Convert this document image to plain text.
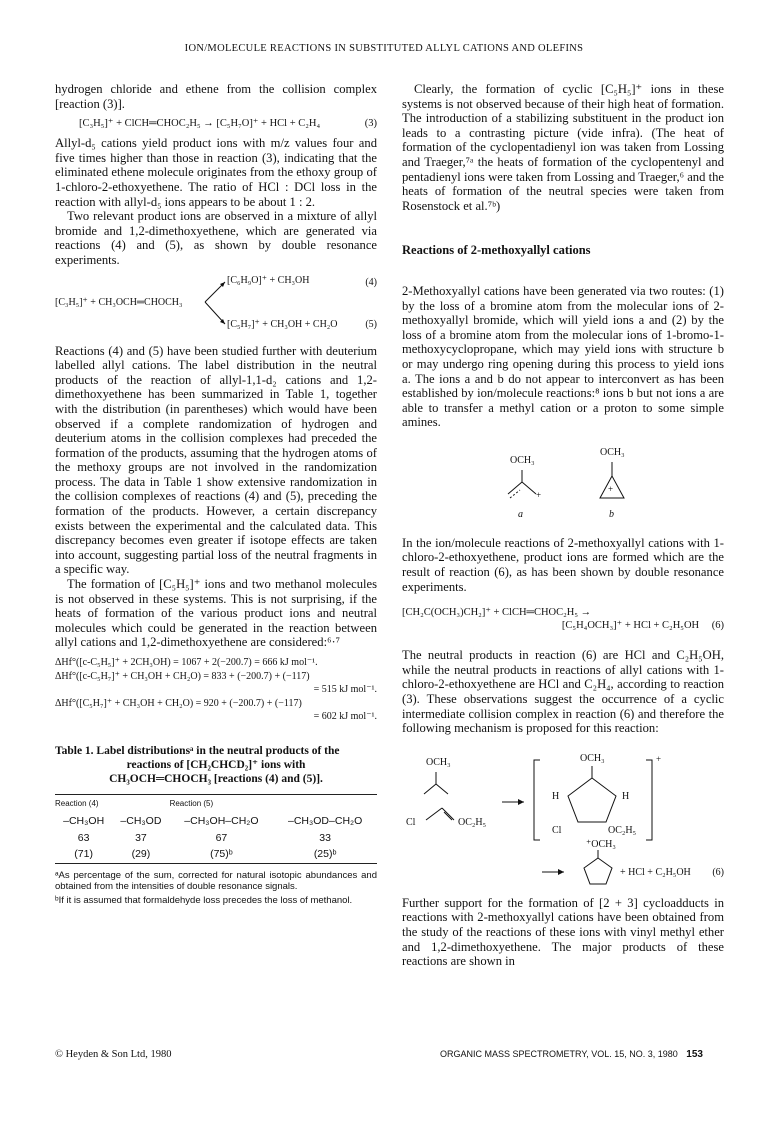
ION/MOLECULE REACTIONS IN SUBSTITUTED ALLYL CATIONS AND OLEFINS

hydrogen chloride and ethene from the collision complex [reaction (3)].

[C₃H₅]⁺ + ClCH═CHOC₂H₅ → [C₅H₇O]⁺ + HCl + C₂H₄	(3)

Allyl-d₅ cations yield product ions with m/z values four and five times higher than those in reaction (3), indicating that the eliminated ethene molecule originates from the ethoxy group of 1-chloro-2-ethoxyethene. The ratio of HCl : DCl loss in the reaction with allyl-d₅ ions appears to be about 1 : 2.

Two relevant product ions are observed in a mixture of allyl bromide and 1,2-dimethoxyethene, which are generated via reactions (4) and (5), as shown by double resonance experiments.

[C₃H₅]⁺ + CH₃OCH═CHOCH₃
[C₆H₉O]⁺ + CH₃OH	(4)
[C₅H₇]⁺ + CH₃OH + CH₂O	(5)

Reactions (4) and (5) have been studied further with deuterium labelled allyl cations. The label distribution in the neutral products of the reaction of allyl-1,1-d₂ cations and 1,2-dimethoxyethene has been summarized in Table 1, together with the distribution (in parentheses) which would have been observed if a complete randomization of hydrogen and deuterium atoms in the collision complexes had preceded the formation of the products, assuming that the hydrogen atoms of the methoxy groups are not involved in the randomization process. The data in Table 1 show extensive randomization in the collision complexes of reactions (4) and (5), preceding the formation of the products. However, a certain discrepancy exists between the experimental and the calculated data. This discrepancy becomes even greater if isotope effects are taken into account, suggesting partial loss of the neutral fragments in a specific way.

The formation of [C₅H₅]⁺ ions and two methanol molecules is not observed in these systems. This is not surprising, if the heats of formation of the various product ions and neutral molecules which could be generated in the reaction between allyl cations and 1,2-dimethoxyethene are considered:⁶·⁷

ΔHf°([c-C₅H₅]⁺ + 2CH₃OH) = 1067 + 2(−200.7) = 666 kJ mol⁻¹.
ΔHf°([c-C₅H₇]⁺ + CH₃OH + CH₂O) = 833 + (−200.7) + (−117)
= 515 kJ mol⁻¹.
ΔHf°([C₅H₇]⁺ + CH₃OH + CH₂O) = 920 + (−200.7) + (−117)
= 602 kJ mol⁻¹.
Table 1. Label distributionsᵃ in the neutral products of the
reactions of [CH₂CHCD₂]⁺ ions with
CH₃OCH═CHOCH₃ [reactions (4) and (5)].
Reaction (4)		Reaction (5)	
–CH₃OH	–CH₃OD	–CH₃OH–CH₂O	–CH₃OD–CH₂O
63	37	67	33
(71)	(29)	(75)ᵇ	(25)ᵇ
ᵃAs percentage of the sum, corrected for natural isotopic abundances and obtained from the intensities of double resonance signals.
ᵇIf it is assumed that formaldehyde loss precedes the loss of methanol.

Clearly, the formation of cyclic [C₅H₅]⁺ ions in these systems is not observed because of their high heat of formation. The introduction of a stabilizing substituent in the product ion leads to a contrasting picture (vide infra). (The heat of formation of the cyclopentadienyl ion was taken from Lossing and Traeger,⁷ᵃ the heats of formation of the cyclopentenyl and pentadienyl ions were taken from Lossing and Traeger,⁶ and the heats of formation of the neutral species were taken from Rosenstock et al.⁷ᵇ)

Reactions of 2-methoxyallyl cations

2-Methoxyallyl cations have been generated via two routes: (1) by the loss of a bromine atom from the molecular ions of 2-methoxyallyl bromide, which will yield ions a and (2) by the loss of a bromine atom from the molecular ions of 1-bromo-1-methoxycyclopropane, which may yield ions with structure b or may undergo ring opening during this process to yield ions a. The ions a and b do not appear to interconvert as has been established by ion/molecule reactions:⁸ ions b but not ions a are able to transfer a methyl cation or a proton to some simple amines.

+
+
OCH₃
a
OCH₃
b

In the ion/molecule reactions of 2-methoxyallyl cations with 1-chloro-2-ethoxyethene, product ions are formed which are the result of reaction (6), as has been shown by double resonance experiments.

[CH₂C(OCH₃)CH₂]⁺ + ClCH═CHOC₂H₅ →
[C₅H₄OCH₃]⁺ + HCl + C₂H₅OH (6)

The neutral products in reaction (6) are HCl and C₂H₅OH, while the neutral products in reactions of allyl cations with 1-chloro-2-ethoxyethene are HCl and C₂H₄, according to reaction (3). These observations suggest the occurrence of a cyclic intermediate collision complex in reaction (6) and therefore the following mechanism is proposed for this reaction:

OCH₃
Cl	OC₂H₅
OCH₃
H	H
Cl	OC₂H₅
+
⁺OCH₃
+ HCl + C₂H₅OH (6)

Further support for the formation of [2 + 3] cycloadducts in reactions with 2-methoxyallyl cations have been obtained from the study of the reactions of these ions with vinyl methyl ether and 1,2-dimethoxyethene. The major products of these reactions are shown in

© Heyden & Son Ltd, 1980	ORGANIC MASS SPECTROMETRY, VOL. 15, NO. 3, 1980 153
